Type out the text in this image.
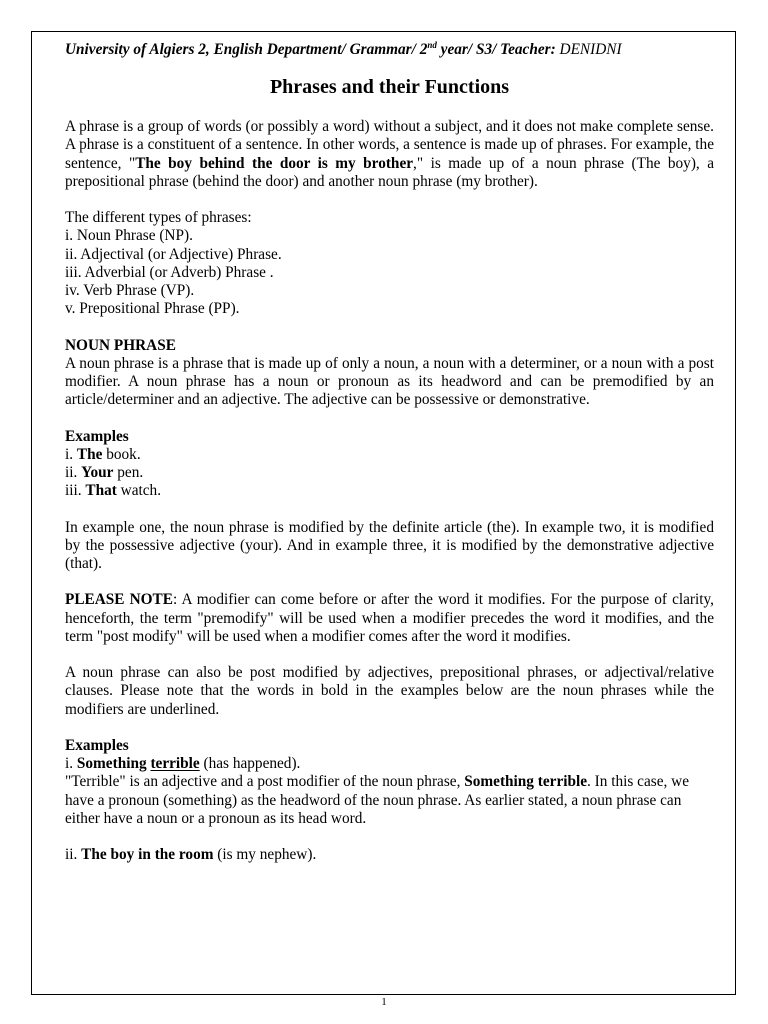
University of Algiers 2, English Department/ Grammar/ 2nd year/ S3/ Teacher: DENIDNI

Phrases and their Functions

A phrase is a group of words (or possibly a word) without a subject, and it does not make complete sense. A phrase is a constituent of a sentence. In other words, a sentence is made up of phrases. For example, the sentence, "The boy behind the door is my brother," is made up of a noun phrase (The boy), a prepositional phrase (behind the door) and another noun phrase (my brother).

The different types of phrases:

i. Noun Phrase (NP).

ii. Adjectival (or Adjective) Phrase.

iii. Adverbial (or Adverb) Phrase .

iv. Verb Phrase (VP).

v. Prepositional Phrase (PP).

NOUN PHRASE

A noun phrase is a phrase that is made up of only a noun, a noun with a determiner, or a noun with a post modifier. A noun phrase has a noun or pronoun as its headword and can be premodified by an article/determiner and an adjective. The adjective can be possessive or demonstrative.

Examples

i. The book.

ii. Your pen.

iii. That watch.

In example one, the noun phrase is modified by the definite article (the). In example two, it is modified by the possessive adjective (your). And in example three, it is modified by the demonstrative adjective (that).

PLEASE NOTE: A modifier can come before or after the word it modifies. For the purpose of clarity, henceforth, the term "premodify" will be used when a modifier precedes the word it modifies, and the term "post modify" will be used when a modifier comes after the word it modifies.

A noun phrase can also be post modified by adjectives, prepositional phrases, or adjectival/relative clauses. Please note that the words in bold in the examples below are the noun phrases while the modifiers are underlined.

Examples

i. Something terrible (has happened).

"Terrible" is an adjective and a post modifier of the noun phrase, Something terrible. In this case, we have a pronoun (something) as the headword of the noun phrase. As earlier stated, a noun phrase can either have a noun or a pronoun as its head word.

ii. The boy in the room (is my nephew).

1
